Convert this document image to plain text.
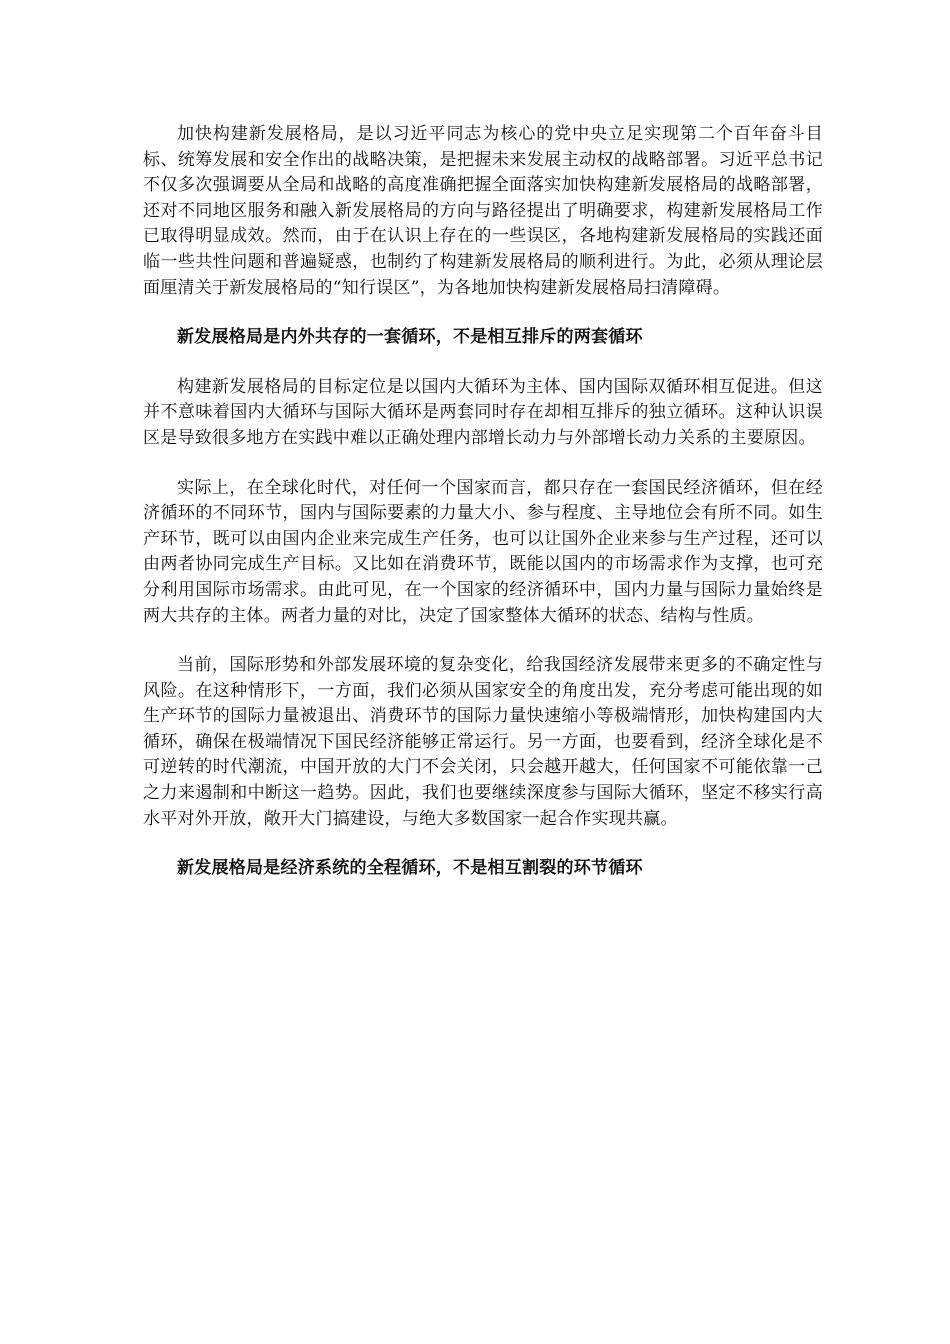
加快构建新发展格局，是以习近平同志为核心的党中央立足实现第二个百年奋斗目标、统筹发展和安全作出的战略决策，是把握未来发展主动权的战略部署。习近平总书记不仅多次强调要从全局和战略的高度准确把握全面落实加快构建新发展格局的战略部署，还对不同地区服务和融入新发展格局的方向与路径提出了明确要求，构建新发展格局工作已取得明显成效。然而，由于在认识上存在的一些误区，各地构建新发展格局的实践还面临一些共性问题和普遍疑惑，也制约了构建新发展格局的顺利进行。为此，必须从理论层面厘清关于新发展格局的“知行误区”，为各地加快构建新发展格局扫清障碍。

新发展格局是内外共存的一套循环，不是相互排斥的两套循环

构建新发展格局的目标定位是以国内大循环为主体、国内国际双循环相互促进。但这并不意味着国内大循环与国际大循环是两套同时存在却相互排斥的独立循环。这种认识误区是导致很多地方在实践中难以正确处理内部增长动力与外部增长动力关系的主要原因。

实际上，在全球化时代，对任何一个国家而言，都只存在一套国民经济循环，但在经济循环的不同环节，国内与国际要素的力量大小、参与程度、主导地位会有所不同。如生产环节，既可以由国内企业来完成生产任务，也可以让国外企业来参与生产过程，还可以由两者协同完成生产目标。又比如在消费环节，既能以国内的市场需求作为支撑，也可充分利用国际市场需求。由此可见，在一个国家的经济循环中，国内力量与国际力量始终是两大共存的主体。两者力量的对比，决定了国家整体大循环的状态、结构与性质。

当前，国际形势和外部发展环境的复杂变化，给我国经济发展带来更多的不确定性与风险。在这种情形下，一方面，我们必须从国家安全的角度出发，充分考虑可能出现的如生产环节的国际力量被退出、消费环节的国际力量快速缩小等极端情形，加快构建国内大循环，确保在极端情况下国民经济能够正常运行。另一方面，也要看到，经济全球化是不可逆转的时代潮流，中国开放的大门不会关闭，只会越开越大，任何国家不可能依靠一己之力来遏制和中断这一趋势。因此，我们也要继续深度参与国际大循环，坚定不移实行高水平对外开放，敞开大门搞建设，与绝大多数国家一起合作实现共赢。

新发展格局是经济系统的全程循环，不是相互割裂的环节循环
